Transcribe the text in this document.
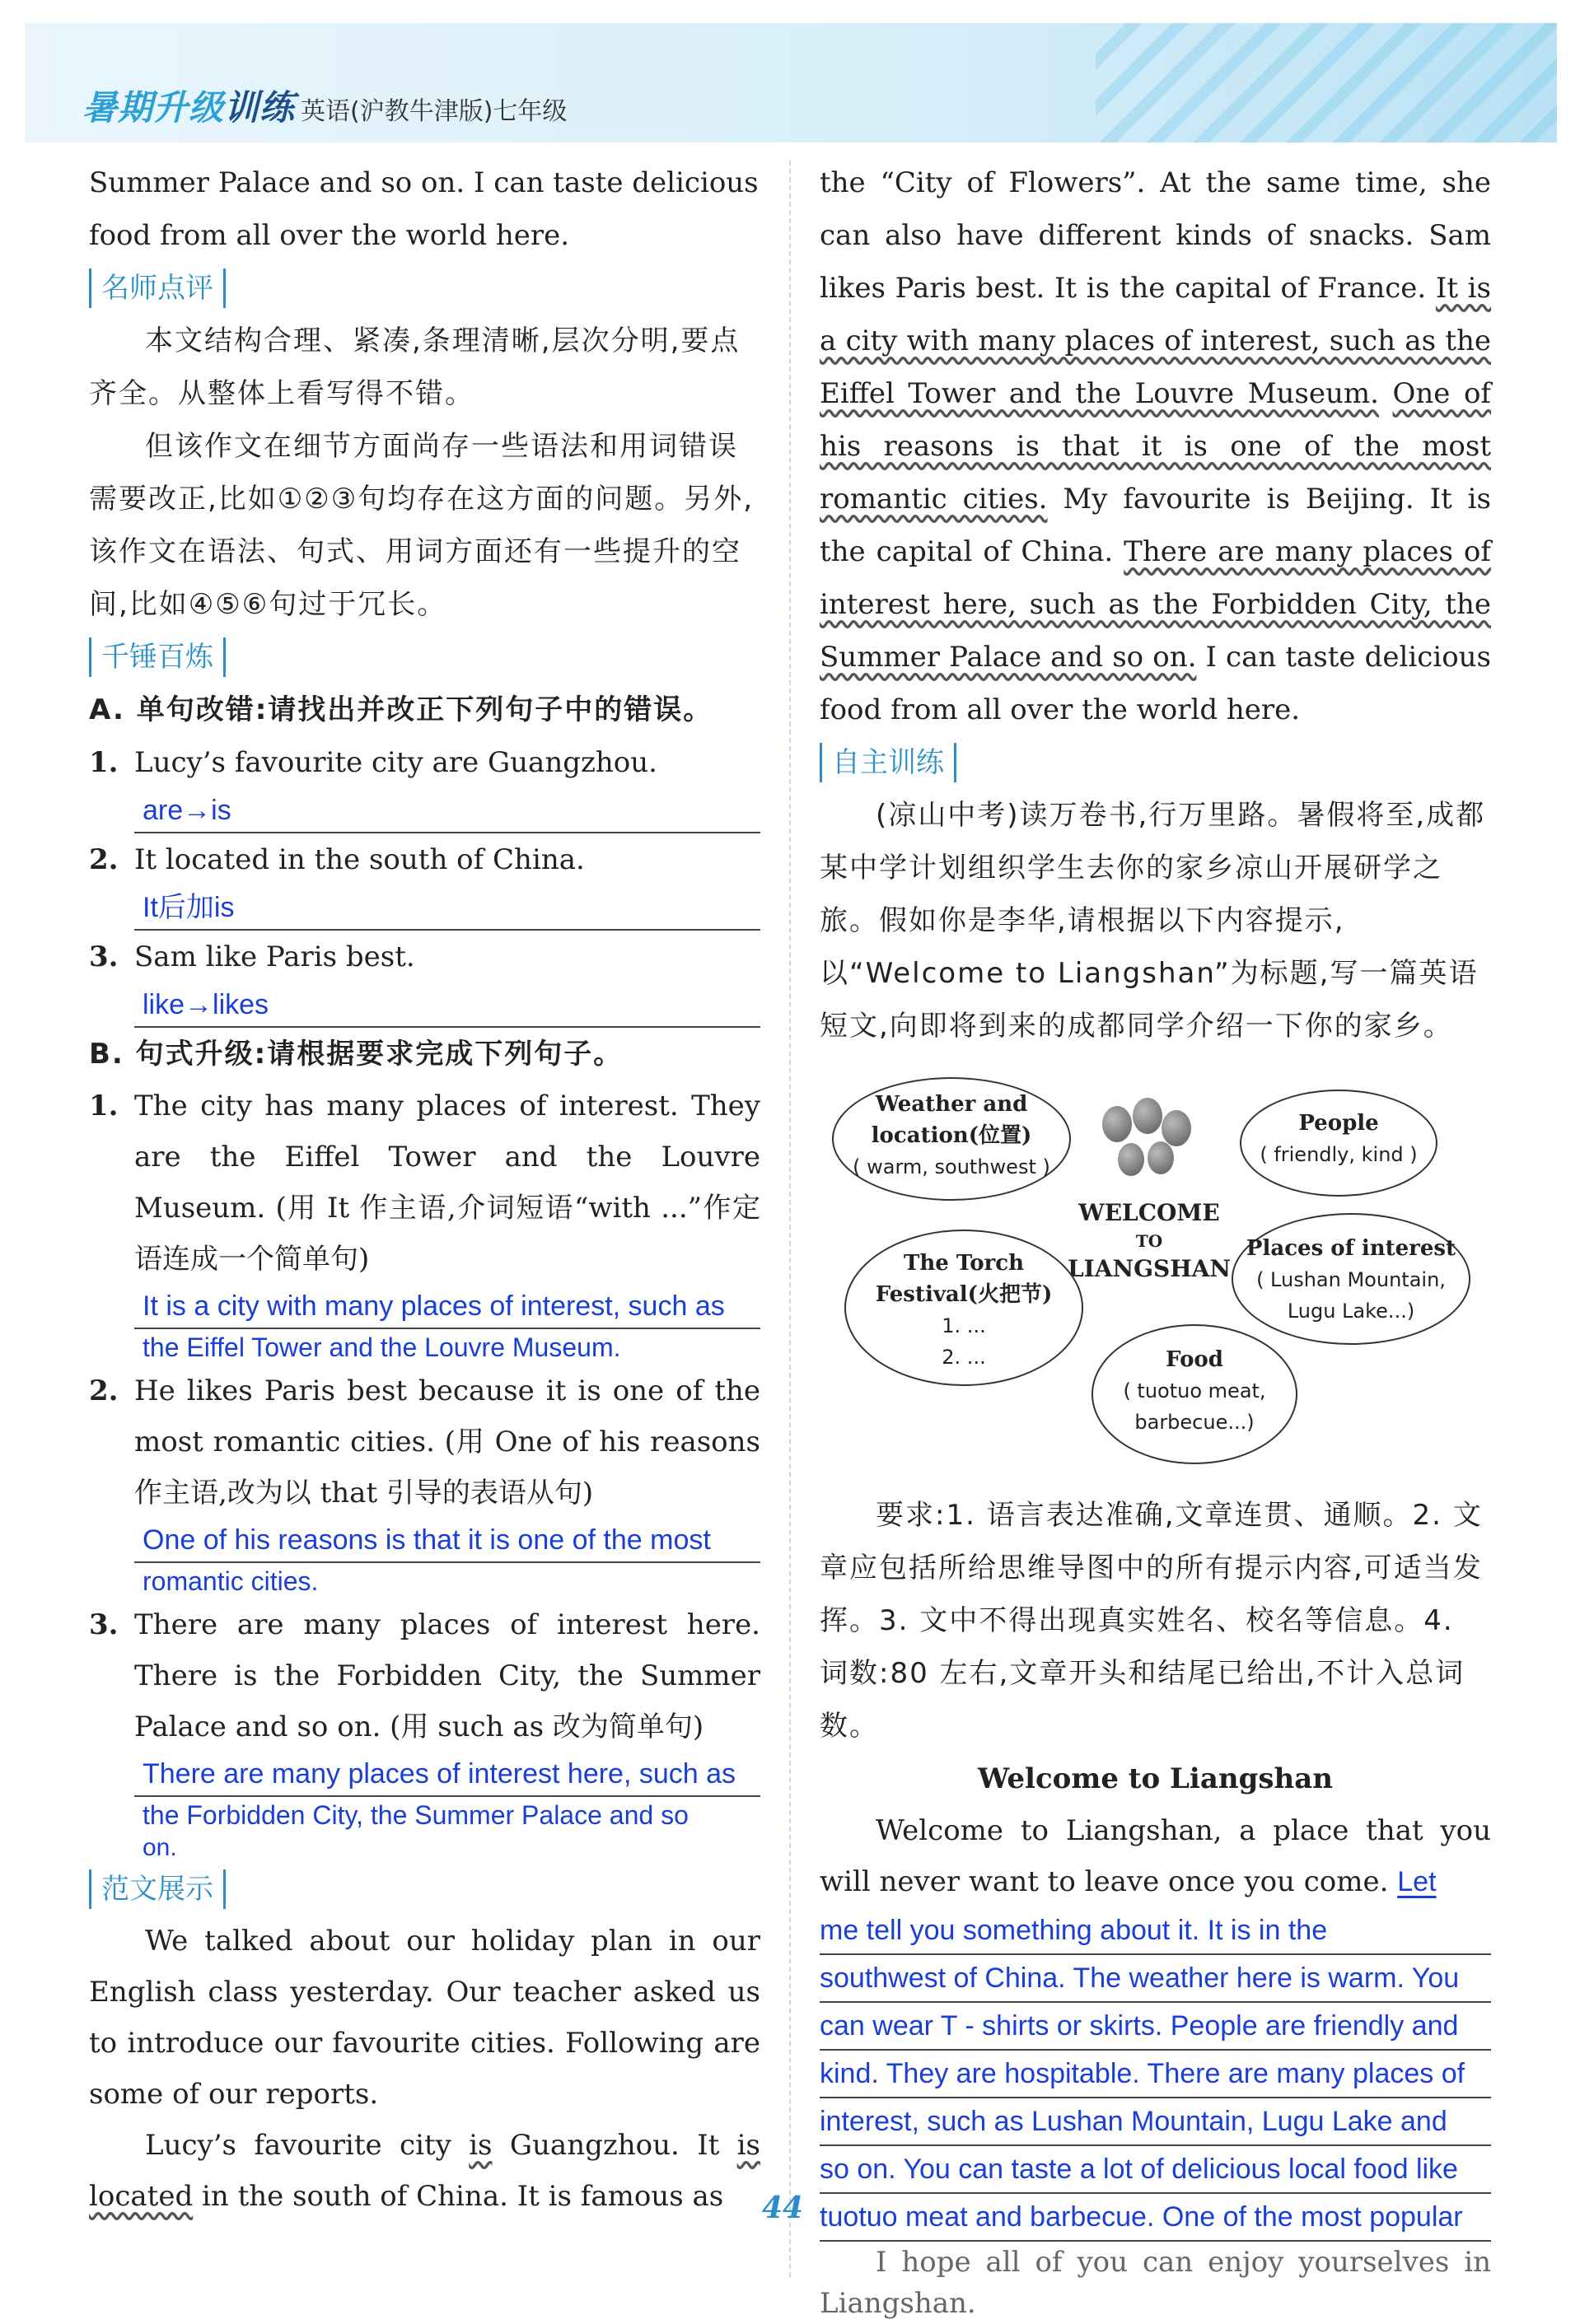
暑期升级训练 英语(沪教牛津版)七年级

Summer Palace and so on. I can taste delicious

food from all over the world here.

名师点评

本文结构合理、紧凑,条理清晰,层次分明,要点齐全。从整体上看写得不错。

但该作文在细节方面尚存一些语法和用词错误需要改正,比如①②③句均存在这方面的问题。另外,该作文在语法、句式、用词方面还有一些提升的空间,比如④⑤⑥句过于冗长。

千锤百炼

A. 单句改错:请找出并改正下列句子中的错误。

1. Lucy’s favourite city are Guangzhou.
are→is
2. It located in the south of China.
It后加is
3. Sam like Paris best.
like→likes

B. 句式升级:请根据要求完成下列句子。

1. The city has many places of interest. They are the Eiffel Tower and the Louvre Museum. (用 It 作主语,介词短语“with ...”作定语连成一个简单句)
It is a city with many places of interest, such as
the Eiffel Tower and the Louvre Museum.
2. He likes Paris best because it is one of the most romantic cities. (用 One of his reasons 作主语,改为以 that 引导的表语从句)
One of his reasons is that it is one of the most
romantic cities.
3. There are many places of interest here. There is the Forbidden City, the Summer Palace and so on. (用 such as 改为简单句)
There are many places of interest here, such as
the Forbidden City, the Summer Palace and so
on.
范文展示

We talked about our holiday plan in our English class yesterday. Our teacher asked us to introduce our favourite cities. Following are some of our reports.

Lucy’s favourite city is Guangzhou. It is located in the south of China. It is famous as

the “City of Flowers”. At the same time, she can also have different kinds of snacks. Sam likes Paris best. It is the capital of France. It is a city with many places of interest, such as the Eiffel Tower and the Louvre Museum. One of his reasons is that it is one of the most romantic cities. My favourite is Beijing. It is the capital of China. There are many places of interest here, such as the Forbidden City, the Summer Palace and so on. I can taste delicious food from all over the world here.

自主训练

(凉山中考)读万卷书,行万里路。暑假将至,成都某中学计划组织学生去你的家乡凉山开展研学之旅。假如你是李华,请根据以下内容提示,以“Welcome to Liangshan”为标题,写一篇英语短文,向即将到来的成都同学介绍一下你的家乡。

Weather and
location(位置)
( warm, southwest )
People
( friendly, kind )
WELCOME
TO
LIANGSHAN
The Torch
Festival(火把节)
1. ...
2. ...
Places of interest
( Lushan Mountain,
Lugu Lake...)
Food
( tuotuo meat,
barbecue...)

要求:1. 语言表达准确,文章连贯、通顺。2. 文章应包括所给思维导图中的所有提示内容,可适当发挥。3. 文中不得出现真实姓名、校名等信息。4. 词数:80 左右,文章开头和结尾已给出,不计入总词数。

Welcome to Liangshan

Welcome to Liangshan, a place that you will never want to leave once you come. Let

me tell you something about it. It is in the
southwest of China. The weather here is warm. You
can wear T - shirts or skirts. People are friendly and
kind. They are hospitable. There are many places of
interest, such as Lushan Mountain, Lugu Lake and
so on. You can taste a lot of delicious local food like
tuotuo meat and barbecue. One of the most popular

I hope all of you can enjoy yourselves in Liangshan.

44
